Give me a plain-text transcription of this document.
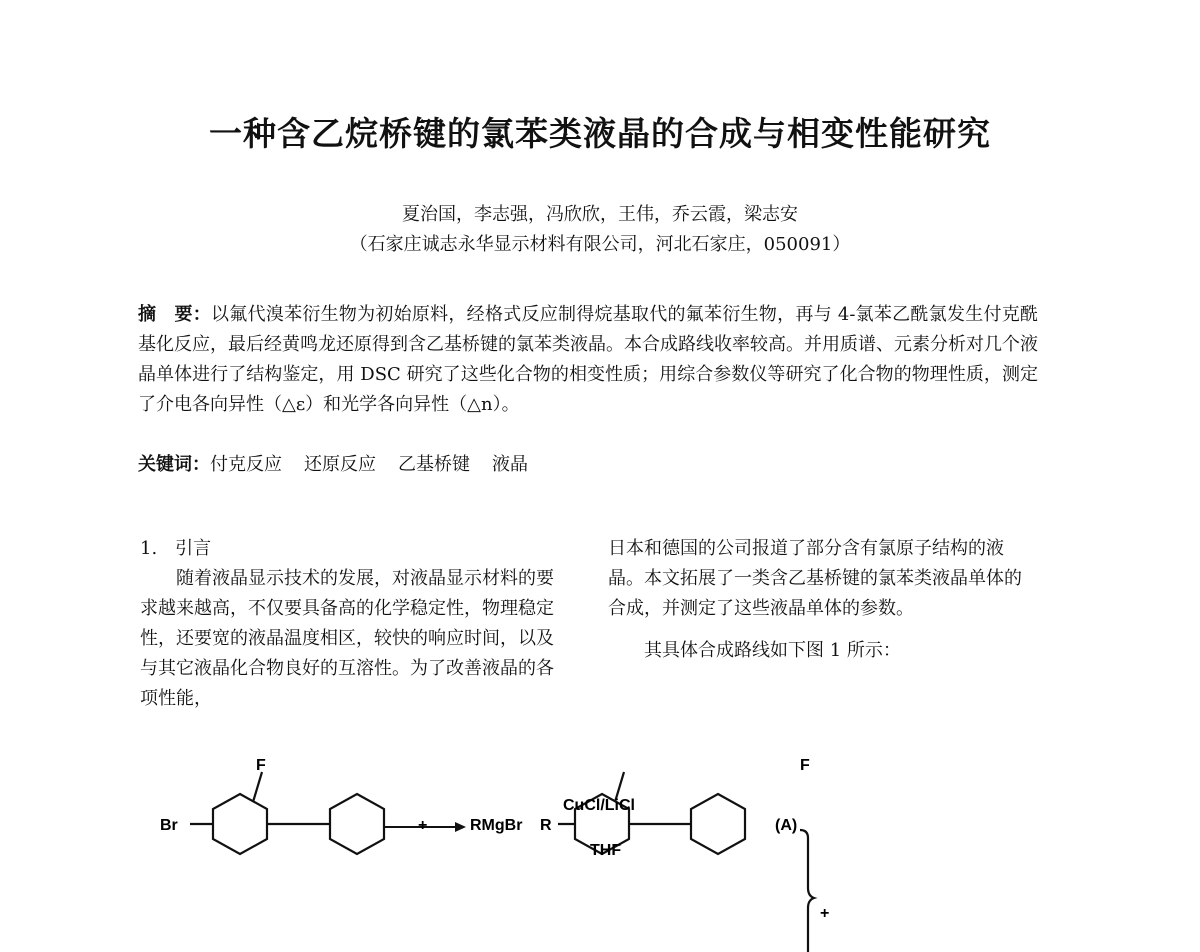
一种含乙烷桥键的氯苯类液晶的合成与相变性能研究
夏治国，李志强，冯欣欣，王伟，乔云霞，梁志安
（石家庄诚志永华显示材料有限公司，河北石家庄，050091）
摘　要：以氟代溴苯衍生物为初始原料，经格式反应制得烷基取代的氟苯衍生物，再与 4-氯苯乙酰氯发生付克酰基化反应，最后经黄鸣龙还原得到含乙基桥键的氯苯类液晶。本合成路线收率较高。并用质谱、元素分析对几个液晶单体进行了结构鉴定，用 DSC 研究了这些化合物的相变性质；用综合参数仪等研究了化合物的物理性质，测定了介电各向异性（△ε）和光学各向异性（△n）。
关键词：付克反应 还原反应 乙基桥键 液晶
1.　引言
随着液晶显示技术的发展，对液晶显示材料的要求越来越高，不仅要具备高的化学稳定性，物理稳定性，还要宽的液晶温度相区，较快的响应时间，以及与其它液晶化合物良好的互溶性。为了改善液晶的各项性能，
日本和德国的公司报道了部分含有氯原子结构的液晶。本文拓展了一类含乙基桥键的氯苯类液晶单体的合成，并测定了这些液晶单体的参数。
其具体合成路线如下图 1 所示：
Br
F
+	RMgBr
CuCl/LiCl
THF
R
F
(A)
+
